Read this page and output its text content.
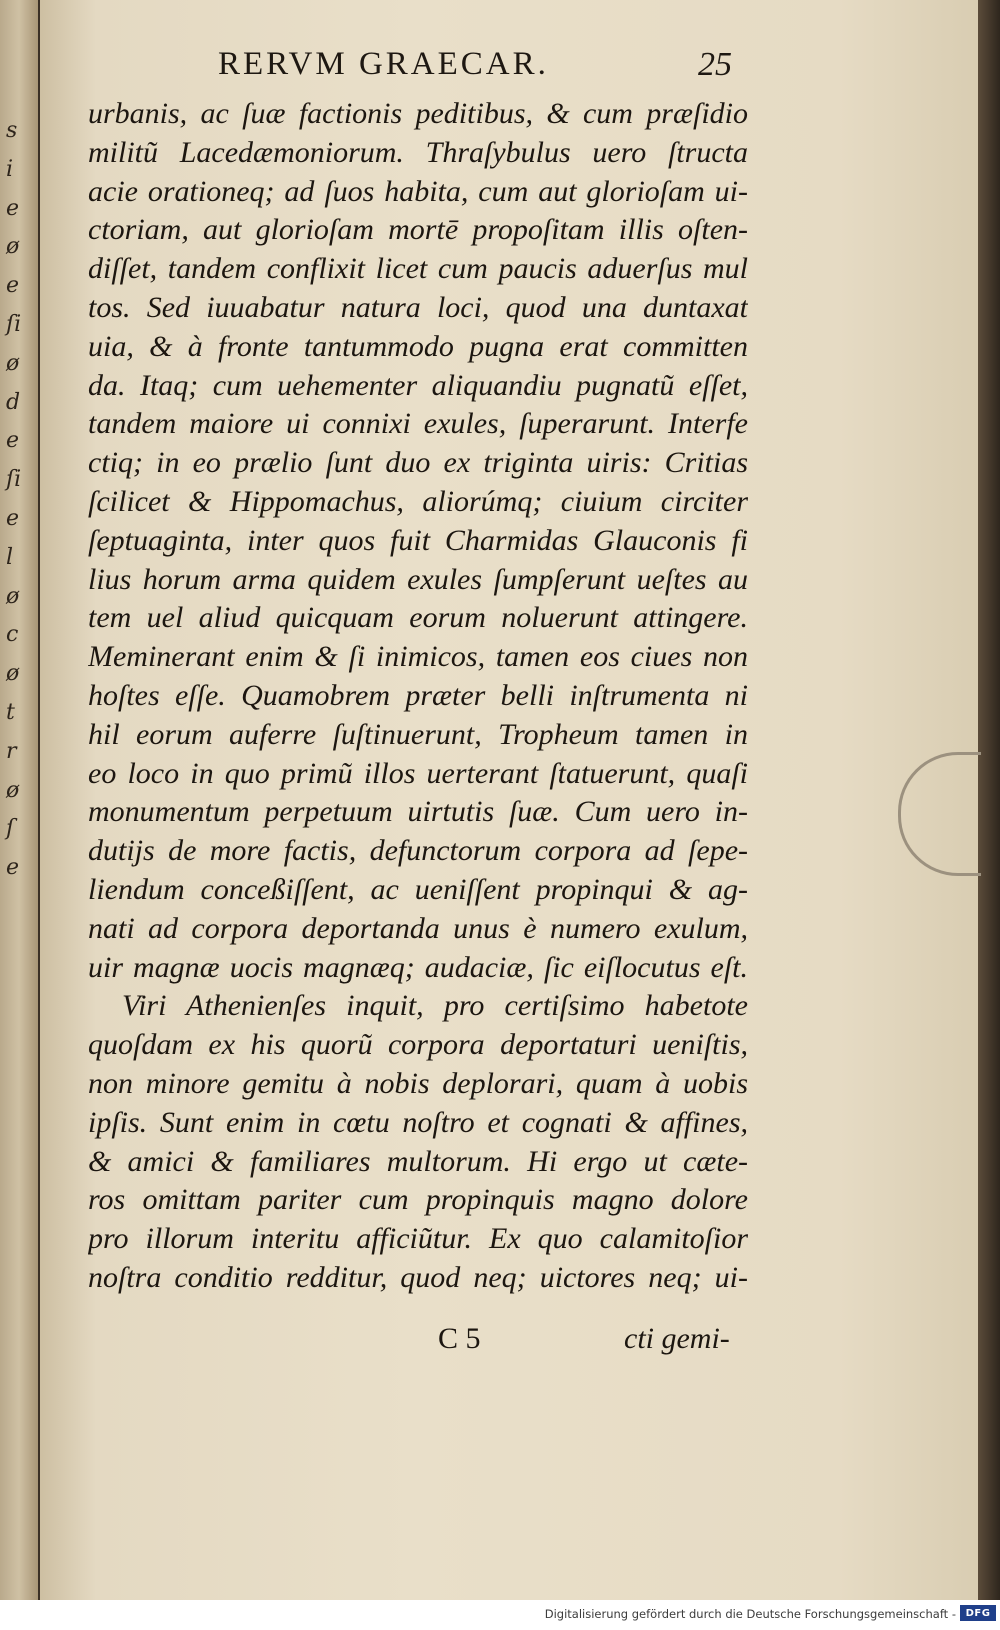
s
i
e
ø
e
ſi
ø
d
e
ſi
e
l
ø
c
ø
t
r
ø
ſ
e
RERVM GRAECAR.	25
urbanis, ac ſuæ factionis peditibus, & cum præſidio
militũ Lacedæmoniorum. Thraſybulus uero ſtructa
acie orationeq; ad ſuos habita, cum aut glorioſam ui-
ctoriam, aut glorioſam mortē propoſitam illis oſten-
diſſet, tandem conflixit licet cum paucis aduerſus mul
tos. Sed iuuabatur natura loci, quod una duntaxat
uia, & à fronte tantummodo pugna erat committen
da. Itaq; cum uehementer aliquandiu pugnatũ eſſet,
tandem maiore ui connixi exules, ſuperarunt. Interfe
ctiq; in eo prælio ſunt duo ex triginta uiris: Critias
ſcilicet & Hippomachus, aliorúmq; ciuium circiter
ſeptuaginta, inter quos fuit Charmidas Glauconis fi
lius horum arma quidem exules ſumpſerunt ueſtes au
tem uel aliud quicquam eorum noluerunt attingere.
Meminerant enim & ſi inimicos, tamen eos ciues non
hoſtes eſſe. Quamobrem præter belli inſtrumenta ni
hil eorum auferre ſuſtinuerunt, Tropheum tamen in
eo loco in quo primũ illos uerterant ſtatuerunt, quaſi
monumentum perpetuum uirtutis ſuæ. Cum uero in-
dutijs de more factis, defunctorum corpora ad ſepe-
liendum conceßiſſent, ac ueniſſent propinqui & ag-
nati ad corpora deportanda unus è numero exulum,
uir magnæ uocis magnæq; audaciæ, ſic eiſlocutus eſt.
Viri Athenienſes inquit, pro certiſsimo habetote
quoſdam ex his quorũ corpora deportaturi ueniſtis,
non minore gemitu à nobis deplorari, quam à uobis
ipſis. Sunt enim in cœtu noſtro et cognati & affines,
& amici & familiares multorum. Hi ergo ut cæte-
ros omittam pariter cum propinquis magno dolore
pro illorum interitu afficiũtur. Ex quo calamitoſior
noſtra conditio redditur, quod neq; uictores neq; ui-
C 5	cti gemi-
Digitalisierung gefördert durch die Deutsche Forschungsgemeinschaft - DFG
